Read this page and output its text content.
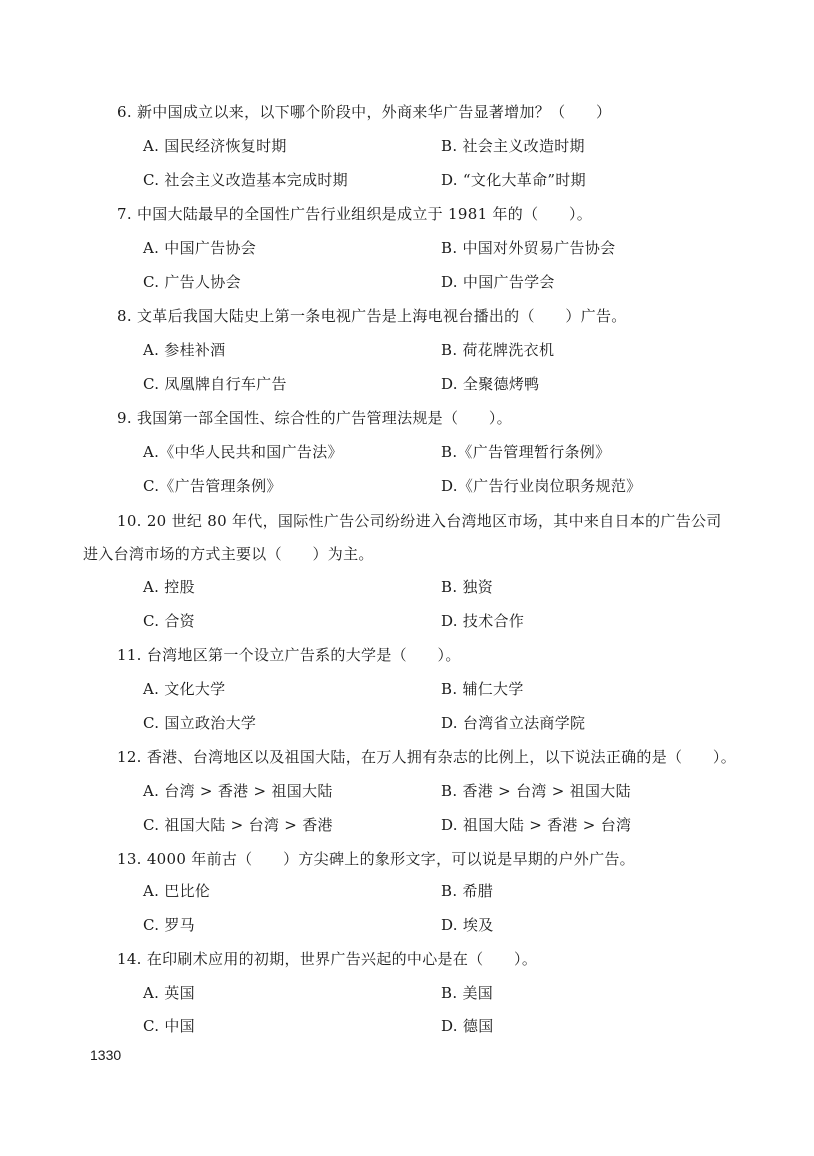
6. 新中国成立以来，以下哪个阶段中，外商来华广告显著增加？（　　）
A. 国民经济恢复时期	B. 社会主义改造时期
C. 社会主义改造基本完成时期	D. “文化大革命”时期
7. 中国大陆最早的全国性广告行业组织是成立于 1981 年的（　　）。
A. 中国广告协会	B. 中国对外贸易广告协会
C. 广告人协会	D. 中国广告学会
8. 文革后我国大陆史上第一条电视广告是上海电视台播出的（　　）广告。
A. 参桂补酒	B. 荷花牌洗衣机
C. 凤凰牌自行车广告	D. 全聚德烤鸭
9. 我国第一部全国性、综合性的广告管理法规是（　　）。
A.《中华人民共和国广告法》	B.《广告管理暂行条例》
C.《广告管理条例》	D.《广告行业岗位职务规范》
10. 20 世纪 80 年代，国际性广告公司纷纷进入台湾地区市场，其中来自日本的广告公司
进入台湾市场的方式主要以（　　）为主。
A. 控股	B. 独资
C. 合资	D. 技术合作
11. 台湾地区第一个设立广告系的大学是（　　）。
A. 文化大学	B. 辅仁大学
C. 国立政治大学	D. 台湾省立法商学院
12. 香港、台湾地区以及祖国大陆，在万人拥有杂志的比例上，以下说法正确的是（　　）。
A. 台湾 > 香港 > 祖国大陆	B. 香港 > 台湾 > 祖国大陆
C. 祖国大陆 > 台湾 > 香港	D. 祖国大陆 > 香港 > 台湾
13. 4000 年前古（　　）方尖碑上的象形文字，可以说是早期的户外广告。
A. 巴比伦	B. 希腊
C. 罗马	D. 埃及
14. 在印刷术应用的初期，世界广告兴起的中心是在（　　）。
A. 英国	B. 美国
C. 中国	D. 德国
1330
